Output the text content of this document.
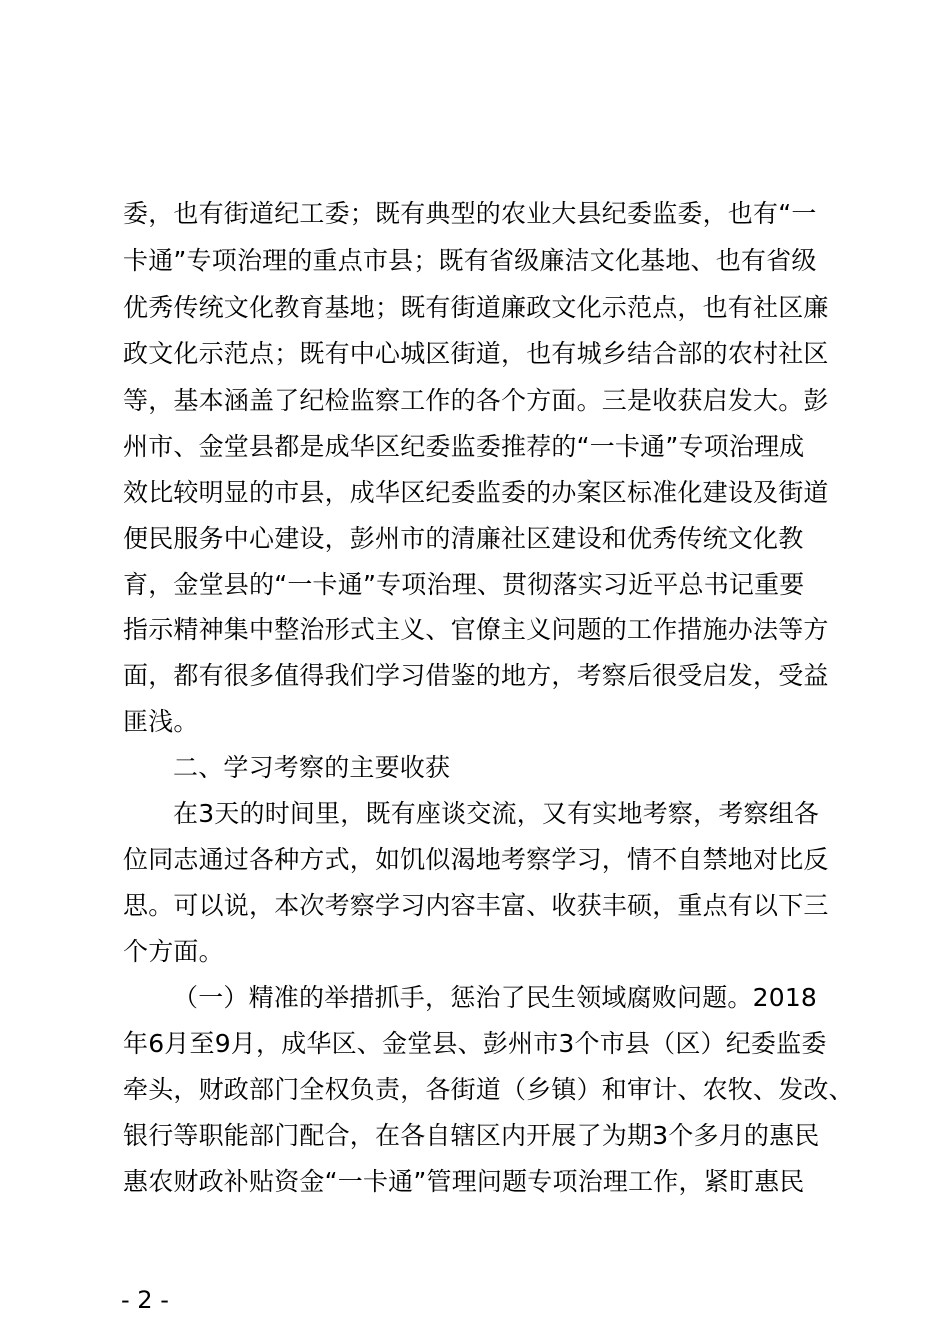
委，也有街道纪工委；既有典型的农业大县纪委监委，也有“一
卡通”专项治理的重点市县；既有省级廉洁文化基地、也有省级
优秀传统文化教育基地；既有街道廉政文化示范点，也有社区廉
政文化示范点；既有中心城区街道，也有城乡结合部的农村社区
等，基本涵盖了纪检监察工作的各个方面。三是收获启发大。彭
州市、金堂县都是成华区纪委监委推荐的“一卡通”专项治理成
效比较明显的市县，成华区纪委监委的办案区标准化建设及街道
便民服务中心建设，彭州市的清廉社区建设和优秀传统文化教
育，金堂县的“一卡通”专项治理、贯彻落实习近平总书记重要
指示精神集中整治形式主义、官僚主义问题的工作措施办法等方
面，都有很多值得我们学习借鉴的地方，考察后很受启发，受益
匪浅。
二、学习考察的主要收获
在3天的时间里，既有座谈交流，又有实地考察，考察组各
位同志通过各种方式，如饥似渴地考察学习，情不自禁地对比反
思。可以说，本次考察学习内容丰富、收获丰硕，重点有以下三
个方面。
（一）精准的举措抓手，惩治了民生领域腐败问题。2018
年6月至9月，成华区、金堂县、彭州市3个市县（区）纪委监委
牵头，财政部门全权负责，各街道（乡镇）和审计、农牧、发改、
银行等职能部门配合，在各自辖区内开展了为期3个多月的惠民
惠农财政补贴资金“一卡通”管理问题专项治理工作，紧盯惠民
- 2 -
